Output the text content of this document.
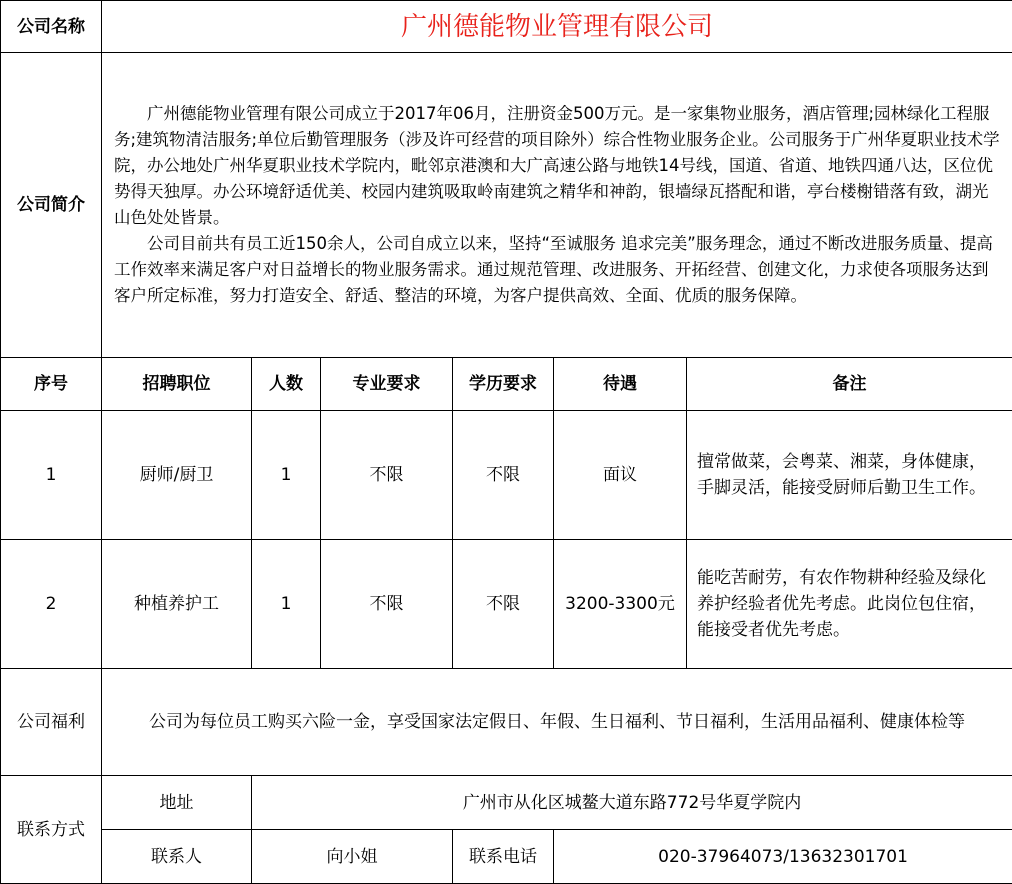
公司名称	广州德能物业管理有限公司					
公司简介	广州德能物业管理有限公司成立于2017年06月，注册资金500万元。是一家集物业服务，酒店管理;园林绿化工程服务;建筑物清洁服务;单位后勤管理服务（涉及许可经营的项目除外）综合性物业服务企业。公司服务于广州华夏职业技术学院，办公地处广州华夏职业技术学院内，毗邻京港澳和大广高速公路与地铁14号线，国道、省道、地铁四通八达，区位优势得天独厚。办公环境舒适优美、校园内建筑吸取岭南建筑之精华和神韵，银墙绿瓦搭配和谐，亭台楼榭错落有致，湖光山色处处皆景。

公司目前共有员工近150余人，公司自成立以来，坚持“至诚服务 追求完美”服务理念，通过不断改进服务质量、提高工作效率来满足客户对日益增长的物业服务需求。通过规范管理、改进服务、开拓经营、创建文化，力求使各项服务达到客户所定标准，努力打造安全、舒适、整洁的环境，为客户提供高效、全面、优质的服务保障。					

序号	招聘职位	人数	专业要求	学历要求	待遇	备注
1	厨师/厨卫	1	不限	不限	面议	擅常做菜，会粤菜、湘菜，身体健康，手脚灵活，能接受厨师后勤卫生工作。
2	种植养护工	1	不限	不限	3200-3300元	能吃苦耐劳，有农作物耕种经验及绿化养护经验者优先考虑。此岗位包住宿，能接受者优先考虑。
公司福利	公司为每位员工购买六险一金，享受国家法定假日、年假、生日福利、节日福利，生活用品福利、健康体检等					
联系方式	地址	广州市从化区城鳌大道东路772号华夏学院内				
	联系人	向小姐		联系电话	020-37964073/13632301701	
